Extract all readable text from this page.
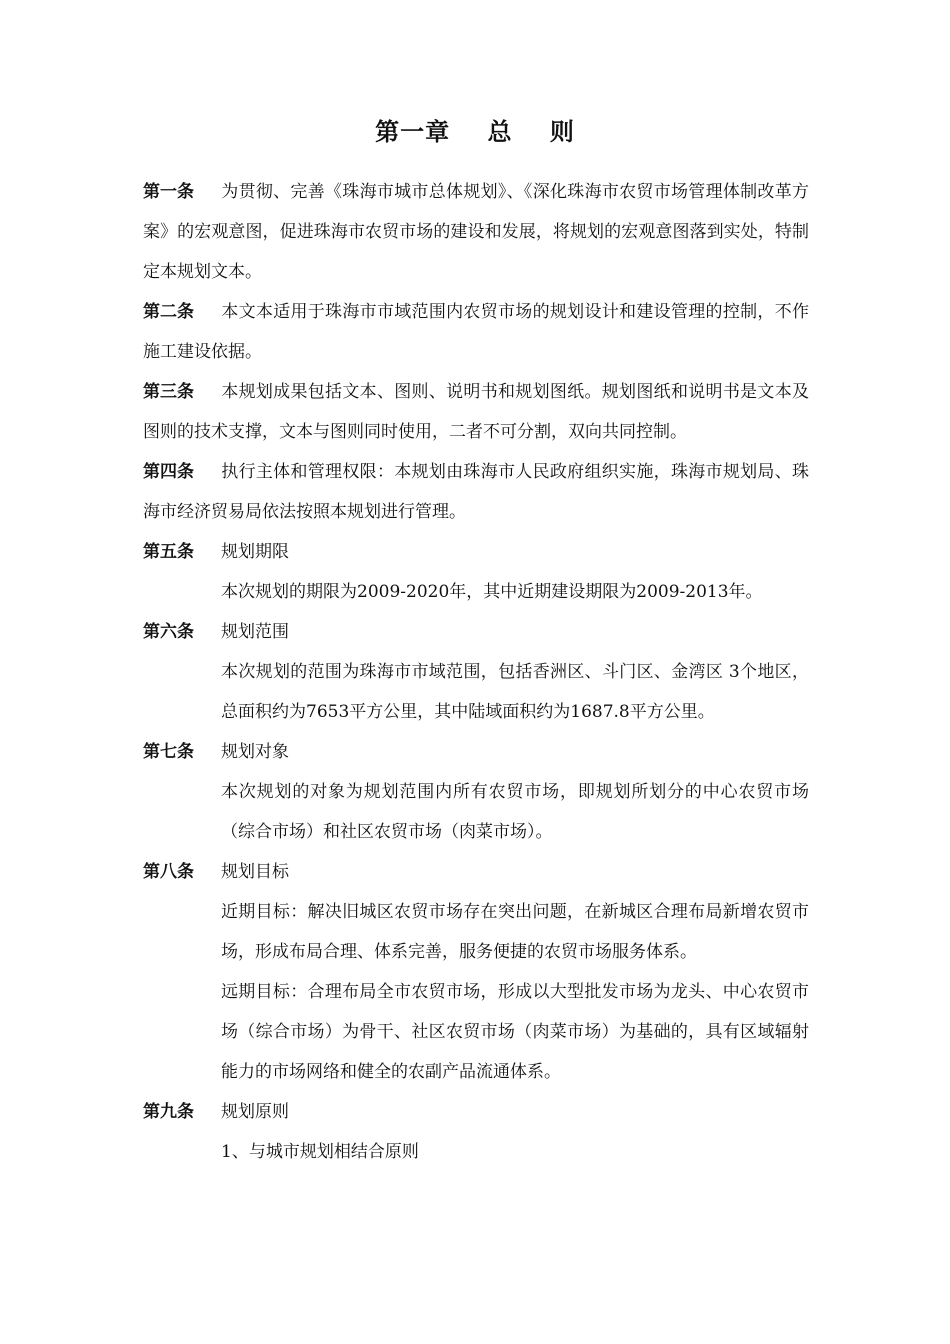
第一章    总    则

第一条 为贯彻、完善《珠海市城市总体规划》、《深化珠海市农贸市场管理体制改革方案》的宏观意图，促进珠海市农贸市场的建设和发展，将规划的宏观意图落到实处，特制定本规划文本。

第二条 本文本适用于珠海市市域范围内农贸市场的规划设计和建设管理的控制，不作施工建设依据。

第三条 本规划成果包括文本、图则、说明书和规划图纸。规划图纸和说明书是文本及图则的技术支撑，文本与图则同时使用，二者不可分割，双向共同控制。

第四条 执行主体和管理权限：本规划由珠海市人民政府组织实施，珠海市规划局、珠海市经济贸易局依法按照本规划进行管理。

第五条 规划期限

本次规划的期限为2009-2020年，其中近期建设期限为2009-2013年。

第六条 规划范围

本次规划的范围为珠海市市域范围，包括香洲区、斗门区、金湾区 3个地区，总面积约为7653平方公里，其中陆域面积约为1687.8平方公里。

第七条 规划对象

本次规划的对象为规划范围内所有农贸市场，即规划所划分的中心农贸市场（综合市场）和社区农贸市场（肉菜市场）。

第八条 规划目标

近期目标：解决旧城区农贸市场存在突出问题，在新城区合理布局新增农贸市场，形成布局合理、体系完善，服务便捷的农贸市场服务体系。

远期目标：合理布局全市农贸市场，形成以大型批发市场为龙头、中心农贸市场（综合市场）为骨干、社区农贸市场（肉菜市场）为基础的，具有区域辐射能力的市场网络和健全的农副产品流通体系。

第九条 规划原则

1、与城市规划相结合原则
